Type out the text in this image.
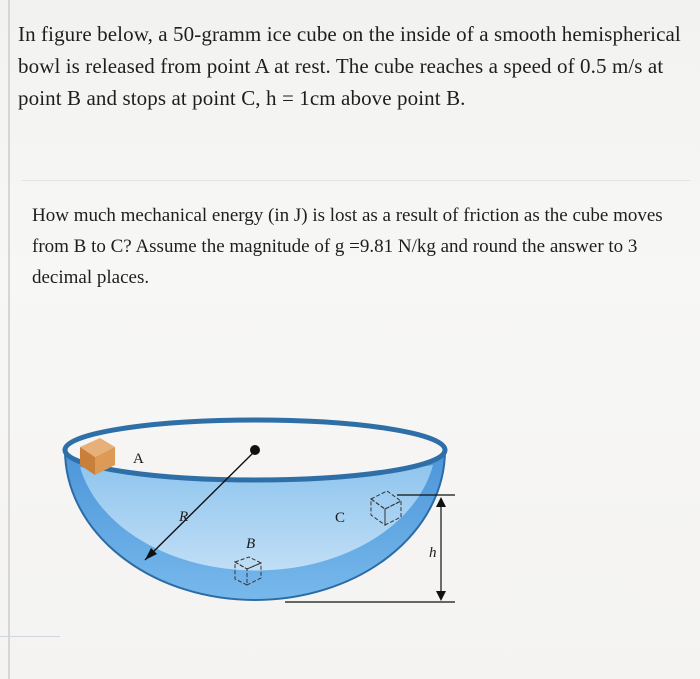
In figure below, a 50-gramm ice cube on the inside of a smooth hemispherical bowl is released from point A at rest. The cube reaches a speed of 0.5 m/s at point B and stops at point C, h = 1cm above point B.

How much mechanical energy (in J) is lost as a result of friction as the cube moves from B to C? Assume the magnitude of g =9.81 N/kg and round the answer to 3 decimal places.

A
R
B
C
h
